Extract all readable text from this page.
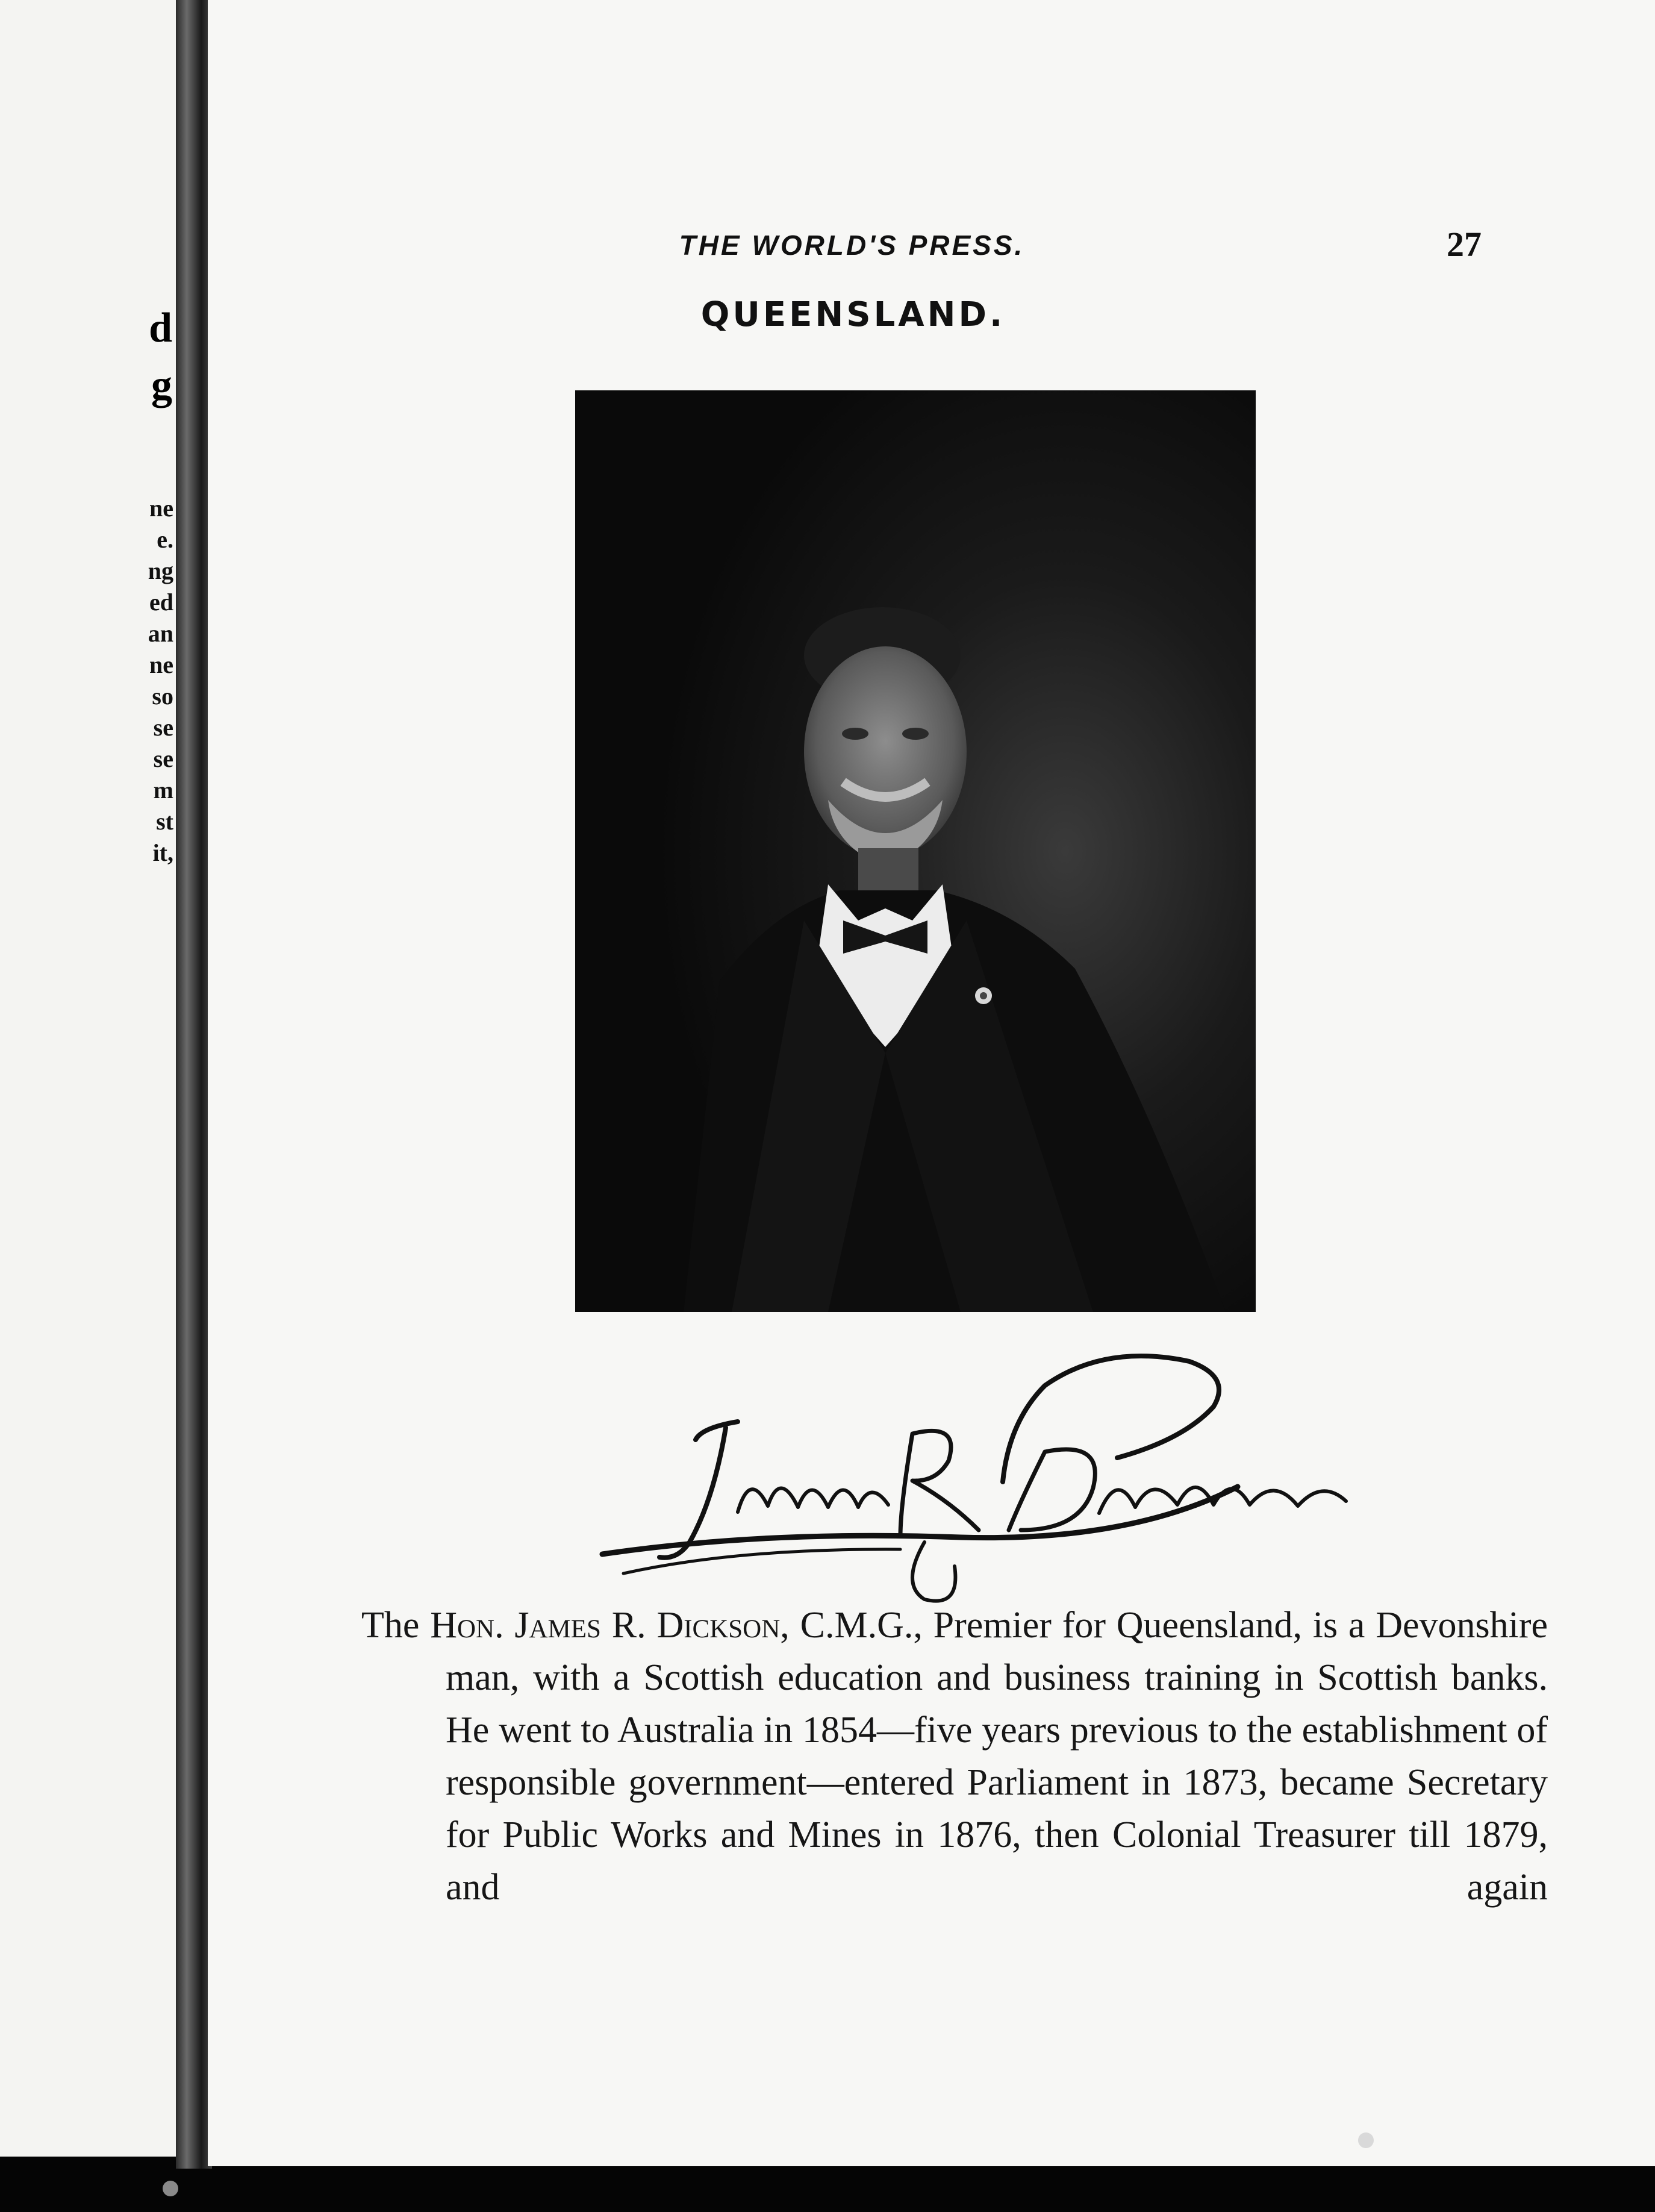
d
g
ne
e.
ng
ed
an
ne
so
se
se
m
st
it,
THE WORLD'S PRESS.	27
QUEENSLAND.

The Hon. James R. Dickson, C.M.G., Premier for Queensland, is a Devonshire man, with a Scottish education and business training in Scottish banks. He went to Australia in 1854—five years previous to the establishment of responsible government—entered Parliament in 1873, became Secretary for Public Works and Mines in 1876, then Colonial Treasurer till 1879, and again
